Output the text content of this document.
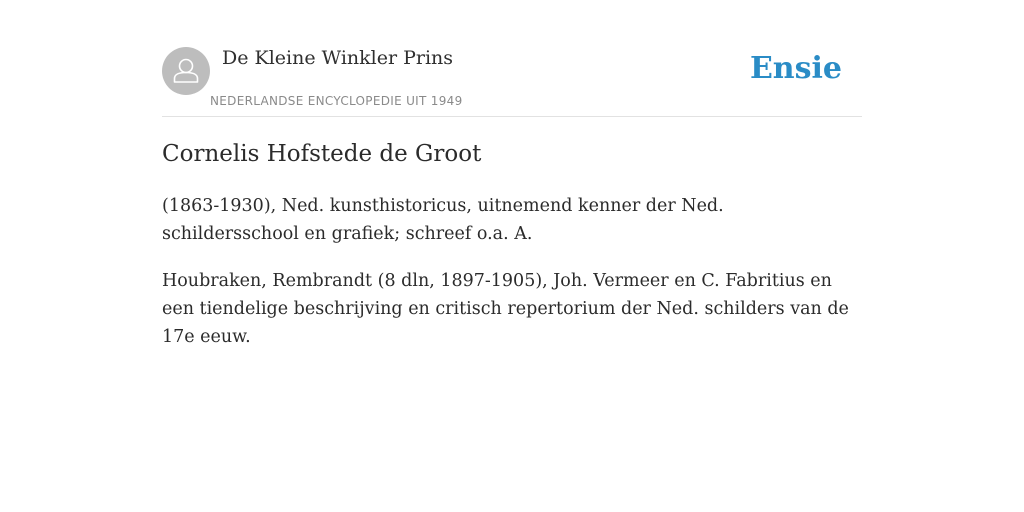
De Kleine Winkler Prins
NEDERLANDSE ENCYCLOPEDIE UIT 1949
Ensie
Cornelis Hofstede de Groot

(1863-1930), Ned. kunsthistoricus, uitnemend kenner der Ned. schildersschool en grafiek; schreef o.a. A.

Houbraken, Rembrandt (8 dln, 1897-1905), Joh. Vermeer en C. Fabritius en een tiendelige beschrijving en critisch repertorium der Ned. schilders van de 17e eeuw.
